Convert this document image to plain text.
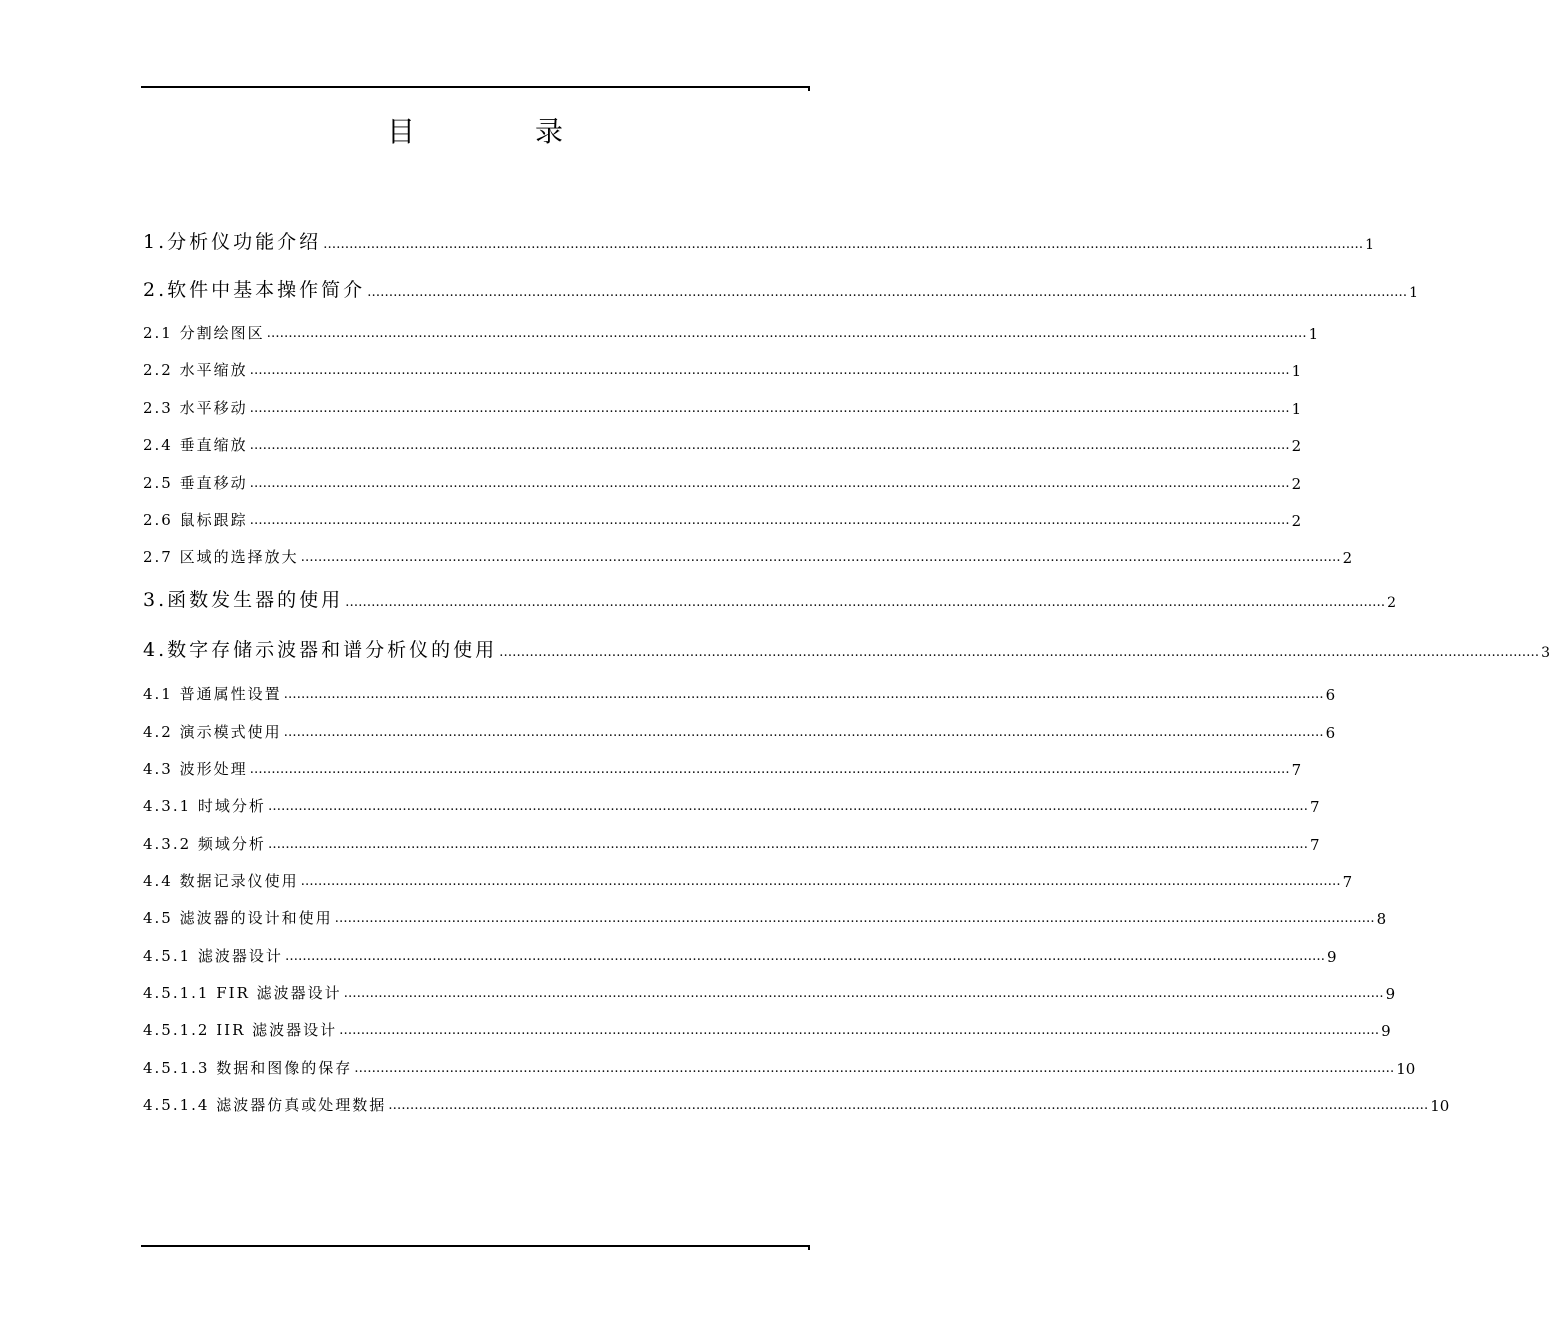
目　录
1.分析仪功能介绍 …………………………………………………………………………………………………………………………………………………………………………………………………………………… 1
2.软件中基本操作简介 …………………………………………………………………………………………………………………………………………………………………………………………………………………… 1
2.1 分割绘图区 …………………………………………………………………………………………………………………………………………………………………………………………………………………… 1
2.2 水平缩放 …………………………………………………………………………………………………………………………………………………………………………………………………………………… 1
2.3 水平移动 …………………………………………………………………………………………………………………………………………………………………………………………………………………… 1
2.4 垂直缩放 …………………………………………………………………………………………………………………………………………………………………………………………………………………… 2
2.5 垂直移动 …………………………………………………………………………………………………………………………………………………………………………………………………………………… 2
2.6 鼠标跟踪 …………………………………………………………………………………………………………………………………………………………………………………………………………………… 2
2.7 区域的选择放大 …………………………………………………………………………………………………………………………………………………………………………………………………………………… 2
3.函数发生器的使用 …………………………………………………………………………………………………………………………………………………………………………………………………………………… 2
4.数字存储示波器和谱分析仪的使用 …………………………………………………………………………………………………………………………………………………………………………………………………………………… 3
4.1 普通属性设置 …………………………………………………………………………………………………………………………………………………………………………………………………………………… 6
4.2 演示模式使用 …………………………………………………………………………………………………………………………………………………………………………………………………………………… 6
4.3 波形处理 …………………………………………………………………………………………………………………………………………………………………………………………………………………… 7
4.3.1 时域分析 …………………………………………………………………………………………………………………………………………………………………………………………………………………… 7
4.3.2 频域分析 …………………………………………………………………………………………………………………………………………………………………………………………………………………… 7
4.4 数据记录仪使用 …………………………………………………………………………………………………………………………………………………………………………………………………………………… 7
4.5 滤波器的设计和使用 …………………………………………………………………………………………………………………………………………………………………………………………………………………… 8
4.5.1 滤波器设计 …………………………………………………………………………………………………………………………………………………………………………………………………………………… 9
4.5.1.1 FIR 滤波器设计 …………………………………………………………………………………………………………………………………………………………………………………………………………………… 9
4.5.1.2 IIR 滤波器设计 …………………………………………………………………………………………………………………………………………………………………………………………………………………… 9
4.5.1.3 数据和图像的保存 …………………………………………………………………………………………………………………………………………………………………………………………………………………… 10
4.5.1.4 滤波器仿真或处理数据 …………………………………………………………………………………………………………………………………………………………………………………………………………………… 10
